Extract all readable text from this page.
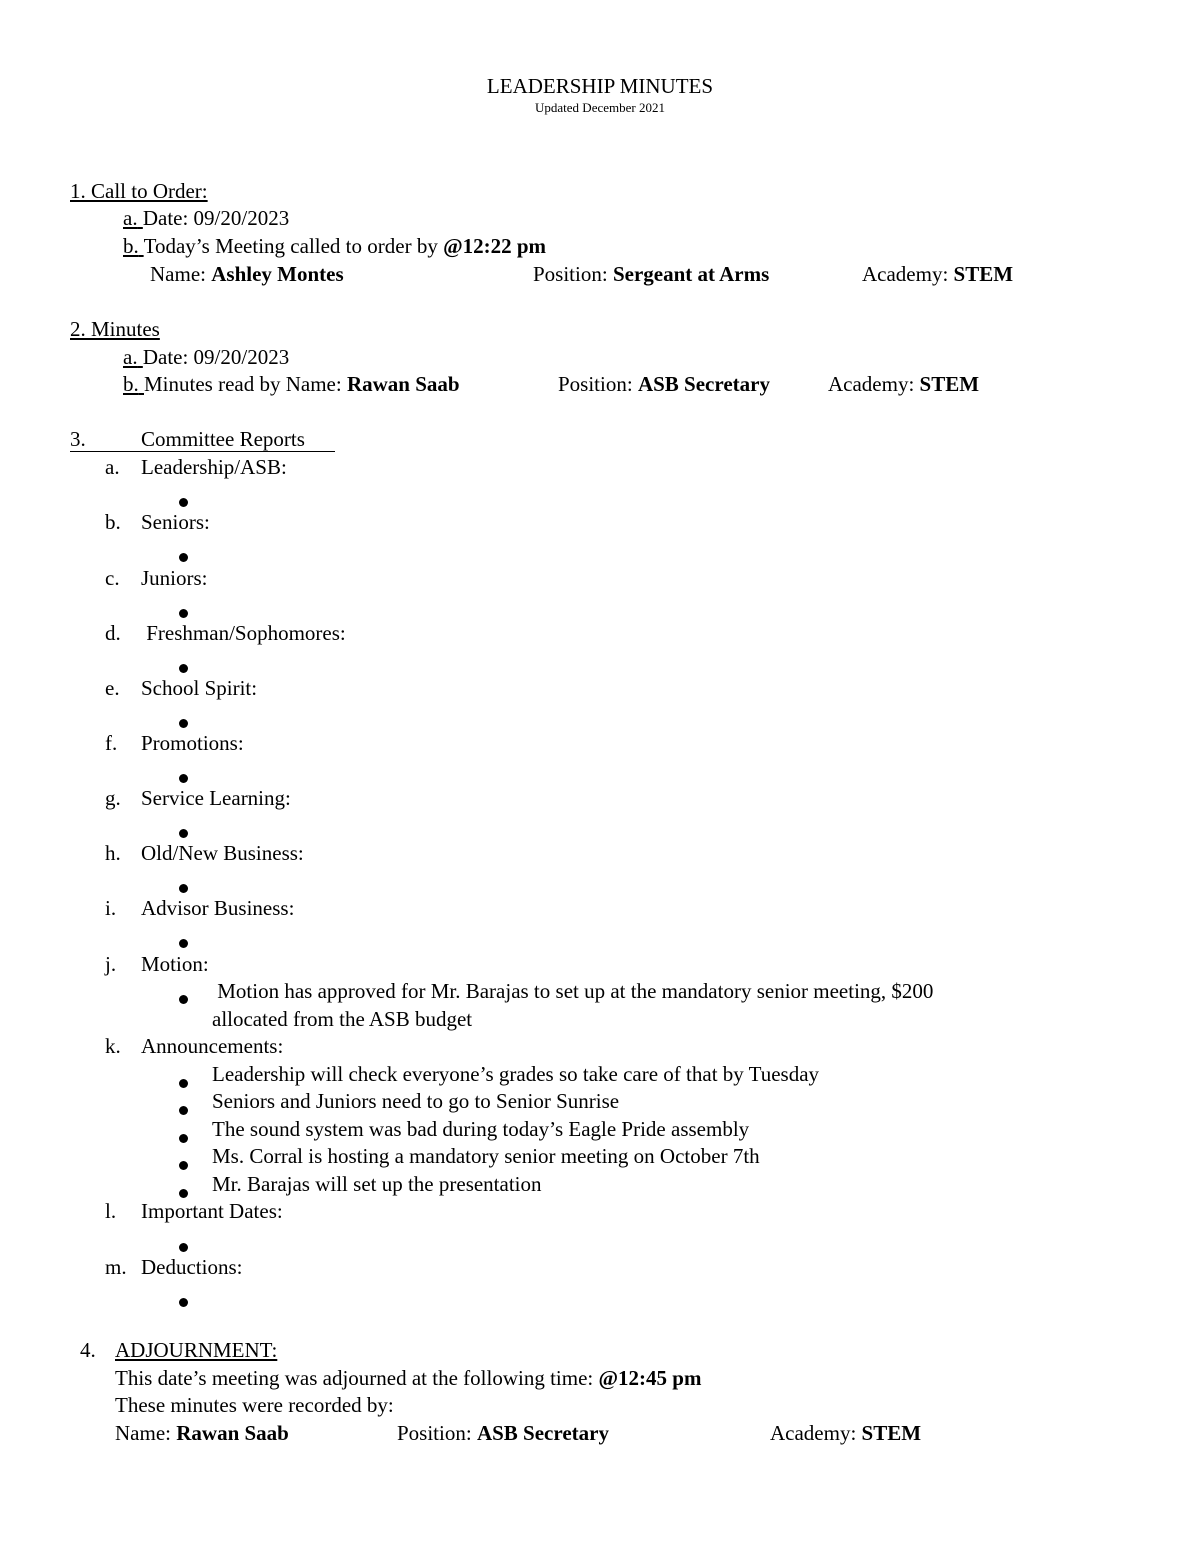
LEADERSHIP MINUTES
Updated December 2021
1. Call to Order:
a. Date: 09/20/2023
b. Today’s Meeting called to order by @12:22 pm
Name: Ashley Montes	Position: Sergeant at Arms	Academy: STEM
2. Minutes
a. Date: 09/20/2023
b. Minutes read by Name: Rawan Saab	Position: ASB Secretary	Academy: STEM
3.	Committee Reports
a. Leadership/ASB:
b. Seniors:
c. Juniors:
d. Freshman/Sophomores:
e. School Spirit:
f. Promotions:
g. Service Learning:
h. Old/New Business:
i. Advisor Business:
j. Motion:
Motion has approved for Mr. Barajas to set up at the mandatory senior meeting, $200
allocated from the ASB budget
k. Announcements:
Leadership will check everyone’s grades so take care of that by Tuesday
Seniors and Juniors need to go to Senior Sunrise
The sound system was bad during today’s Eagle Pride assembly
Ms. Corral is hosting a mandatory senior meeting on October 7th
Mr. Barajas will set up the presentation
l. Important Dates:
m. Deductions:
4. ADJOURNMENT:
This date’s meeting was adjourned at the following time: @12:45 pm
These minutes were recorded by:
Name: Rawan Saab	Position: ASB Secretary	Academy: STEM
